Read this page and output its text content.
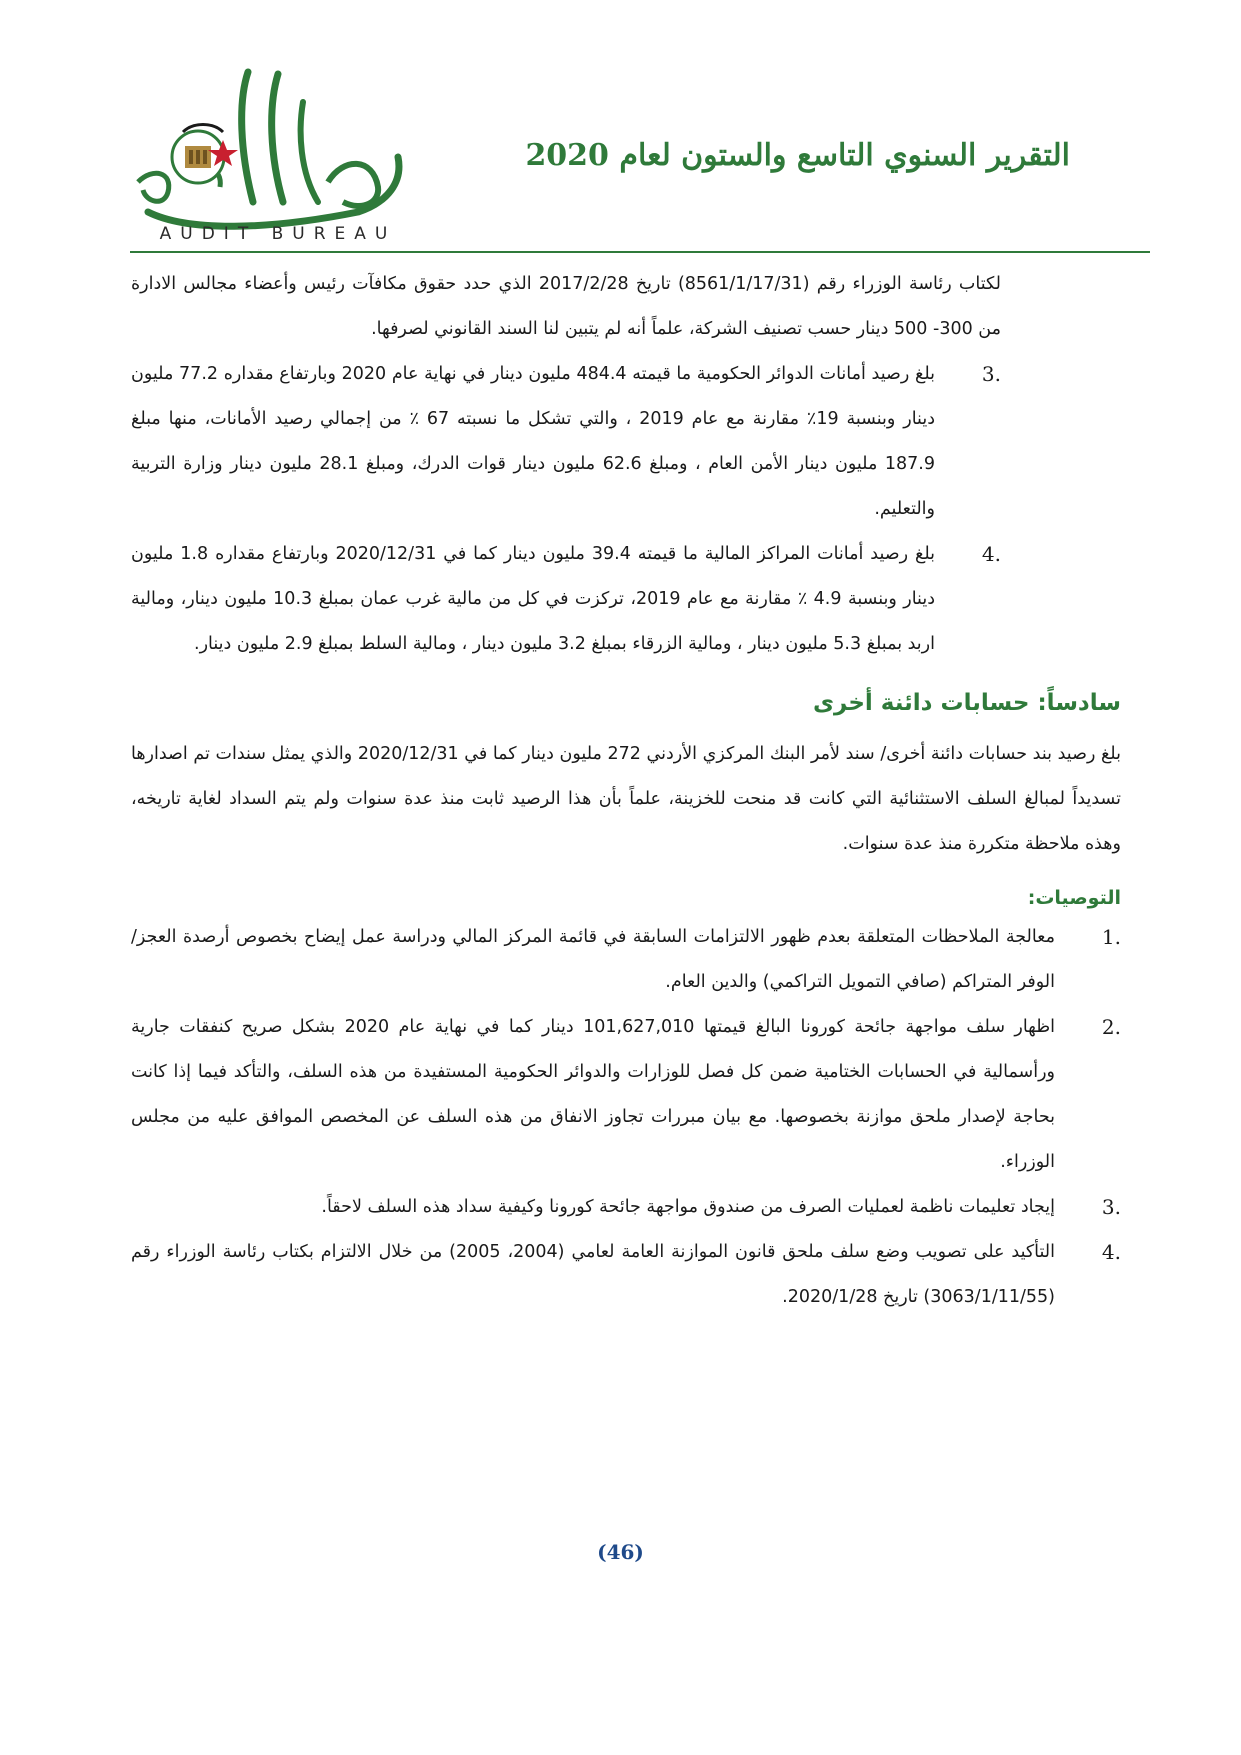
التقرير السنوي التاسع والستون لعام 2020
AUDIT BUREAU

لكتاب رئاسة الوزراء رقم (8561/1/17/31) تاريخ 2017/2/28 الذي حدد حقوق مكافآت رئيس وأعضاء مجالس الادارة من 300- 500 دينار حسب تصنيف الشركة، علماً أنه لم يتبين لنا السند القانوني لصرفها.

3.

بلغ رصيد أمانات الدوائر الحكومية ما قيمته 484.4 مليون دينار في نهاية عام 2020 وبارتفاع مقداره 77.2 مليون دينار وبنسبة 19٪ مقارنة مع عام 2019 ، والتي تشكل ما نسبته 67 ٪ من إجمالي رصيد الأمانات، منها مبلغ 187.9 مليون دينار الأمن العام ، ومبلغ 62.6 مليون دينار قوات الدرك، ومبلغ 28.1 مليون دينار وزارة التربية والتعليم.

4.

بلغ رصيد أمانات المراكز المالية ما قيمته 39.4 مليون دينار كما في 2020/12/31 وبارتفاع مقداره 1.8 مليون دينار وبنسبة 4.9 ٪ مقارنة مع عام 2019، تركزت في كل من مالية غرب عمان بمبلغ 10.3 مليون دينار، ومالية اربد بمبلغ 5.3 مليون دينار ، ومالية الزرقاء بمبلغ 3.2 مليون دينار ، ومالية السلط بمبلغ 2.9 مليون دينار.

سادساً: حسابات دائنة أخرى

بلغ رصيد بند حسابات دائنة أخرى/ سند لأمر البنك المركزي الأردني 272 مليون دينار كما في 2020/12/31 والذي يمثل سندات تم اصدارها تسديداً لمبالغ السلف الاستثنائية التي كانت قد منحت للخزينة، علماً بأن هذا الرصيد ثابت منذ عدة سنوات ولم يتم السداد لغاية تاريخه، وهذه ملاحظة متكررة منذ عدة سنوات.

التوصيات:
1.

معالجة الملاحظات المتعلقة بعدم ظهور الالتزامات السابقة في قائمة المركز المالي ودراسة عمل إيضاح بخصوص أرصدة العجز/ الوفر المتراكم (صافي التمويل التراكمي) والدين العام.

2.

اظهار سلف مواجهة جائحة كورونا البالغ قيمتها 101,627,010 دينار كما في نهاية عام 2020 بشكل صريح كنفقات جارية ورأسمالية في الحسابات الختامية ضمن كل فصل للوزارات والدوائر الحكومية المستفيدة من هذه السلف، والتأكد فيما إذا كانت بحاجة لإصدار ملحق موازنة بخصوصها. مع بيان مبررات تجاوز الانفاق من هذه السلف عن المخصص الموافق عليه من مجلس الوزراء.

3.

إيجاد تعليمات ناظمة لعمليات الصرف من صندوق مواجهة جائحة كورونا وكيفية سداد هذه السلف لاحقاً.

4.

التأكيد على تصويب وضع سلف ملحق قانون الموازنة العامة لعامي (2004، 2005) من خلال الالتزام بكتاب رئاسة الوزراء رقم (3063/1/11/55) تاريخ 2020/1/28.

(46)
